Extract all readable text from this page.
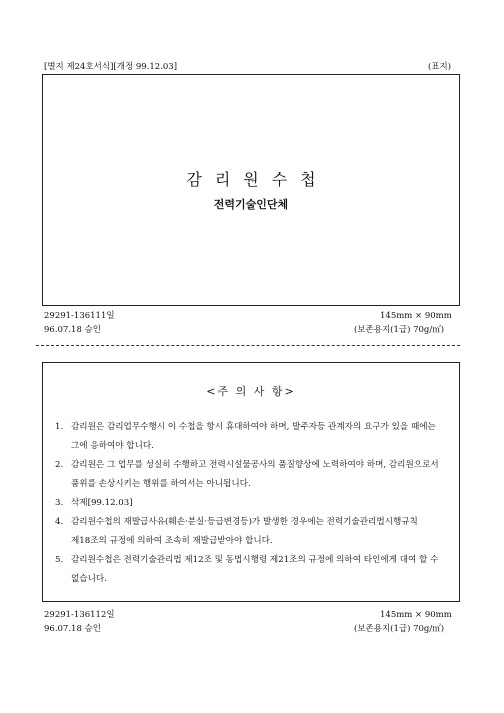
[별지 제24호서식][개정 99.12.03]	(표지)
감리원수첩
전력기술인단체
29291-136111일
96.07.18 승인
145mm × 90mm
(보존용지(1급) 70g/㎡)
<주 의 사 항>
1. 감리원은 감리업무수행시 이 수첩을 항시 휴대하여야 하며, 발주자등 관계자의 요구가 있을 때에는 그에 응하여야 합니다.
2. 감리원은 그 업무를 성실히 수행하고 전력시설물공사의 품질향상에 노력하여야 하며, 감리원으로서 품위를 손상시키는 행위를 하여서는 아니됩니다.
3. 삭제[99.12.03]
4. 감리원수첩의 재발급사유(훼손·분실·등급변경등)가 발생한 경우에는 전력기술관리법시행규칙 제18조의 규정에 의하여 조속히 재발급받아야 합니다.
5. 감리원수첩은 전력기술관리법 제12조 및 동법시행령 제21조의 규정에 의하여 타인에게 대여 할 수 없습니다.
29291-136112일
96.07.18 승인
145mm × 90mm
(보존용지(1급) 70g/㎡)
